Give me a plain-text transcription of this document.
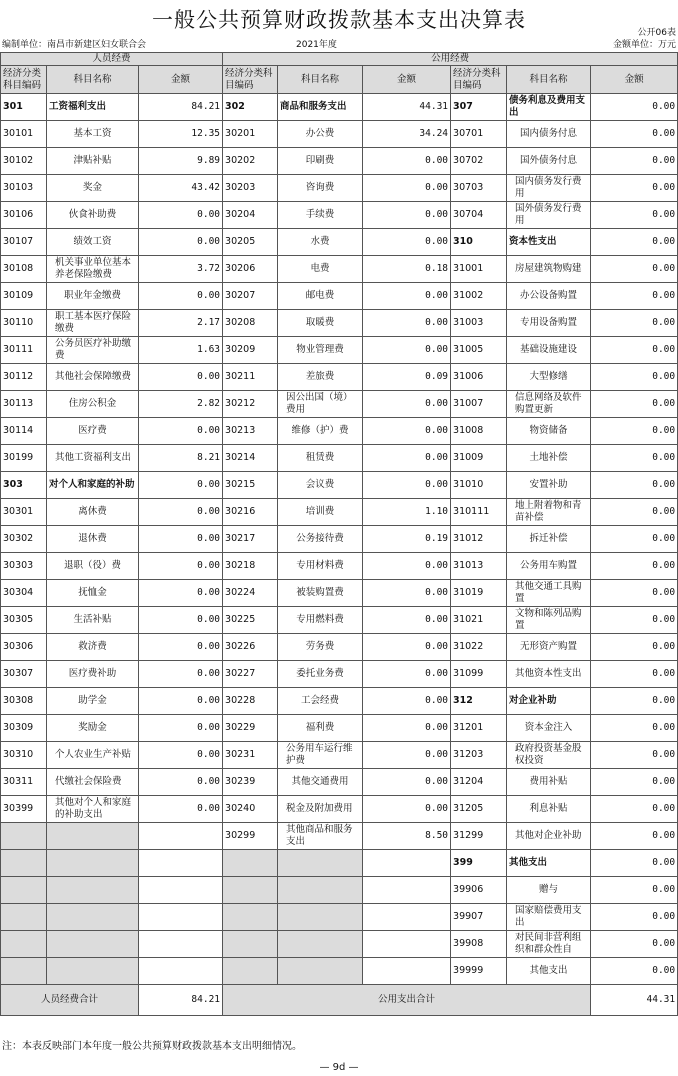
一般公共预算财政拨款基本支出决算表
公开06表
编制单位：南昌市新建区妇女联合会	2021年度	金额单位：万元
人员经费			公用经费					
经济分类科目编码	科目名称	金额	经济分类科目编码	科目名称	金额	经济分类科目编码	科目名称	金额
301	工资福利支出	84.21	302	商品和服务支出	44.31	307	债务利息及费用支出	0.00
30101	基本工资	12.35	30201	办公费	34.24	30701	国内债务付息	0.00
30102	津贴补贴	9.89	30202	印刷费	0.00	30702	国外债务付息	0.00
30103	奖金	43.42	30203	咨询费	0.00	30703	国内债务发行费用	0.00
30106	伙食补助费	0.00	30204	手续费	0.00	30704	国外债务发行费用	0.00
30107	绩效工资	0.00	30205	水费	0.00	310	资本性支出	0.00
30108	机关事业单位基本养老保险缴费	3.72	30206	电费	0.18	31001	房屋建筑物购建	0.00
30109	职业年金缴费	0.00	30207	邮电费	0.00	31002	办公设备购置	0.00
30110	职工基本医疗保险缴费	2.17	30208	取暖费	0.00	31003	专用设备购置	0.00
30111	公务员医疗补助缴费	1.63	30209	物业管理费	0.00	31005	基础设施建设	0.00
30112	其他社会保障缴费	0.00	30211	差旅费	0.09	31006	大型修缮	0.00
30113	住房公积金	2.82	30212	因公出国（境）费用	0.00	31007	信息网络及软件购置更新	0.00
30114	医疗费	0.00	30213	维修（护）费	0.00	31008	物资储备	0.00
30199	其他工资福利支出	8.21	30214	租赁费	0.00	31009	土地补偿	0.00
303	对个人和家庭的补助	0.00	30215	会议费	0.00	31010	安置补助	0.00
30301	离休费	0.00	30216	培训费	1.10	310111	地上附着物和青苗补偿	0.00
30302	退休费	0.00	30217	公务接待费	0.19	31012	拆迁补偿	0.00
30303	退职（役）费	0.00	30218	专用材料费	0.00	31013	公务用车购置	0.00
30304	抚恤金	0.00	30224	被装购置费	0.00	31019	其他交通工具购置	0.00
30305	生活补贴	0.00	30225	专用燃料费	0.00	31021	文物和陈列品购置	0.00
30306	救济费	0.00	30226	劳务费	0.00	31022	无形资产购置	0.00
30307	医疗费补助	0.00	30227	委托业务费	0.00	31099	其他资本性支出	0.00
30308	助学金	0.00	30228	工会经费	0.00	312	对企业补助	0.00
30309	奖励金	0.00	30229	福利费	0.00	31201	资本金注入	0.00
30310	个人农业生产补贴	0.00	30231	公务用车运行维护费	0.00	31203	政府投资基金股权投资	0.00
30311	代缴社会保险费	0.00	30239	其他交通费用	0.00	31204	费用补贴	0.00
30399	其他对个人和家庭的补助支出	0.00	30240	税金及附加费用	0.00	31205	利息补贴	0.00
			30299	其他商品和服务支出	8.50	31299	其他对企业补助	0.00
						399	其他支出	0.00
						39906	赠与	0.00
						39907	国家赔偿费用支出	0.00
						39908	对民间非营利组织和群众性自	0.00
						39999	其他支出	0.00
人员经费合计		84.21	公用支出合计					44.31
注：本表反映部门本年度一般公共预算财政拨款基本支出明细情况。
— 9d —
